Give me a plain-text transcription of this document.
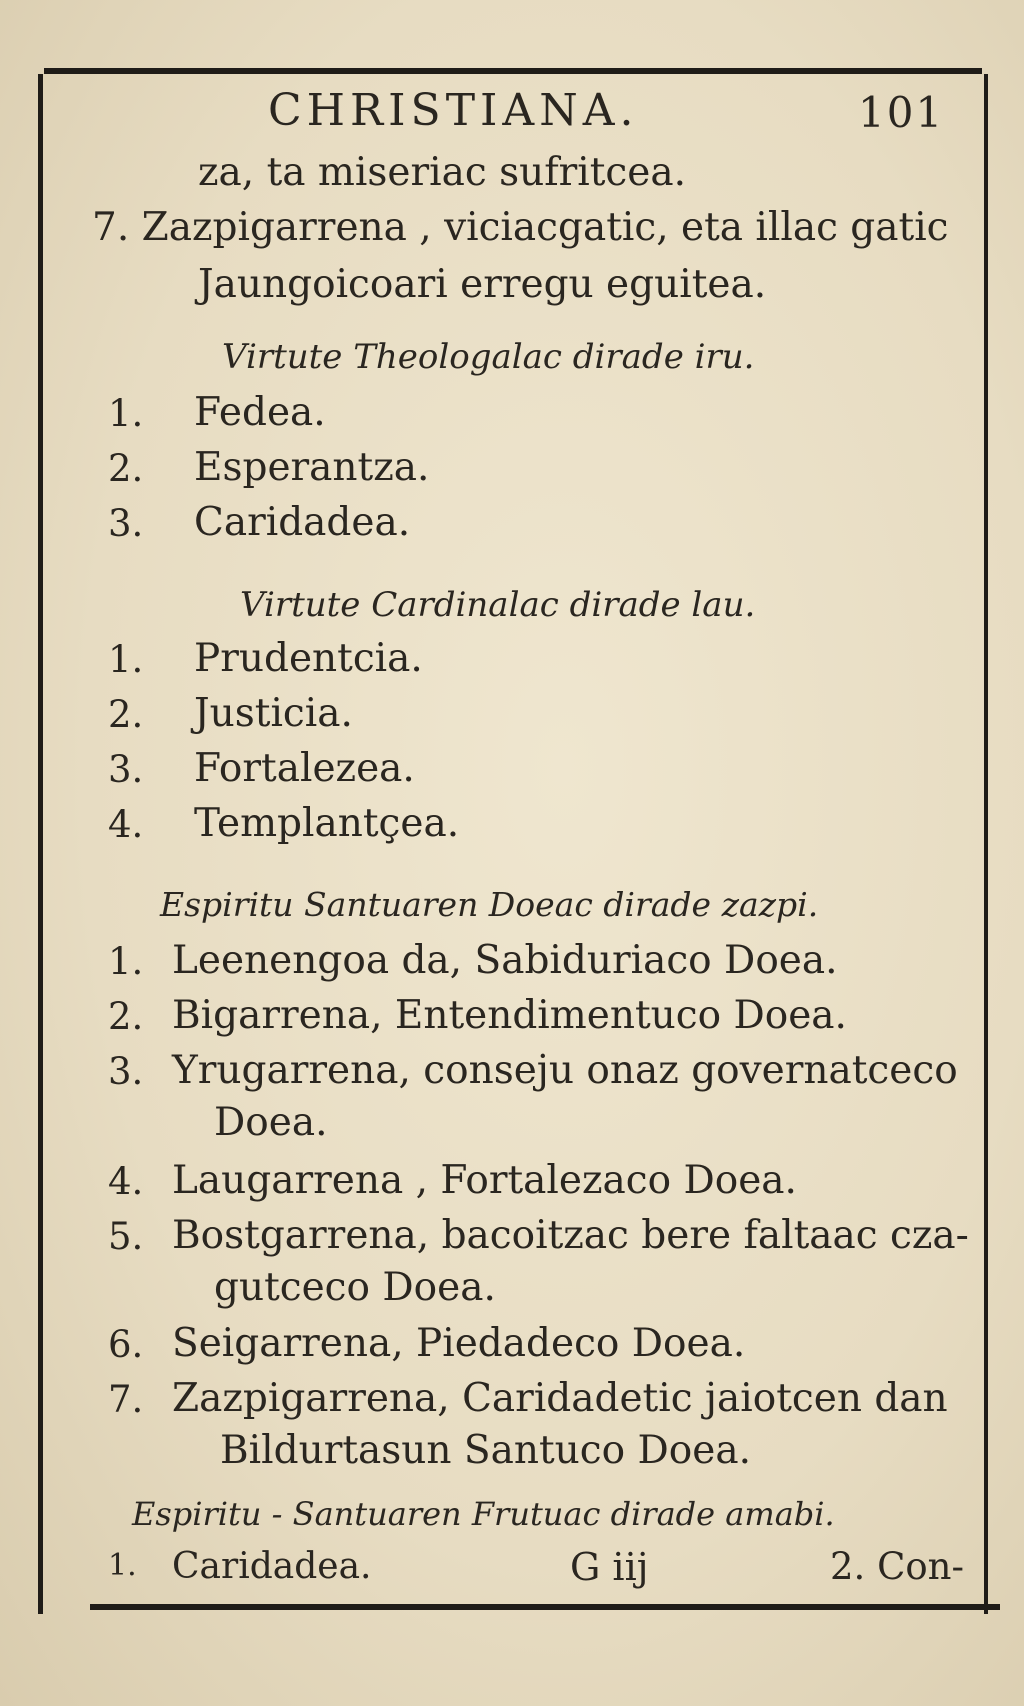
CHRISTIANA.	101
za, ta miseriac sufritcea.
7. Zazpigarrena , viciacgatic, eta illac gatic
Jaungoicoari erregu eguitea.
Virtute Theologalac dirade iru.
1. Fedea.
2. Esperantza.
3. Caridadea.
Virtute Cardinalac dirade lau.
1. Prudentcia.
2. Justicia.
3. Fortalezea.
4. Templantçea.
Espiritu Santuaren Doeac dirade zazpi.
1. Leenengoa da, Sabiduriaco Doea.
2. Bigarrena, Entendimentuco Doea.
3. Yrugarrena, conseju onaz governatceco
Doea.
4. Laugarrena , Fortalezaco Doea.
5. Bostgarrena, bacoitzac bere faltaac cza-
gutceco Doea.
6. Seigarrena, Piedadeco Doea.
7. Zazpigarrena, Caridadetic jaiotcen dan
Bildurtasun Santuco Doea.
Espiritu - Santuaren Frutuac dirade amabi.
1. Caridadea.	G iij	2. Con-
